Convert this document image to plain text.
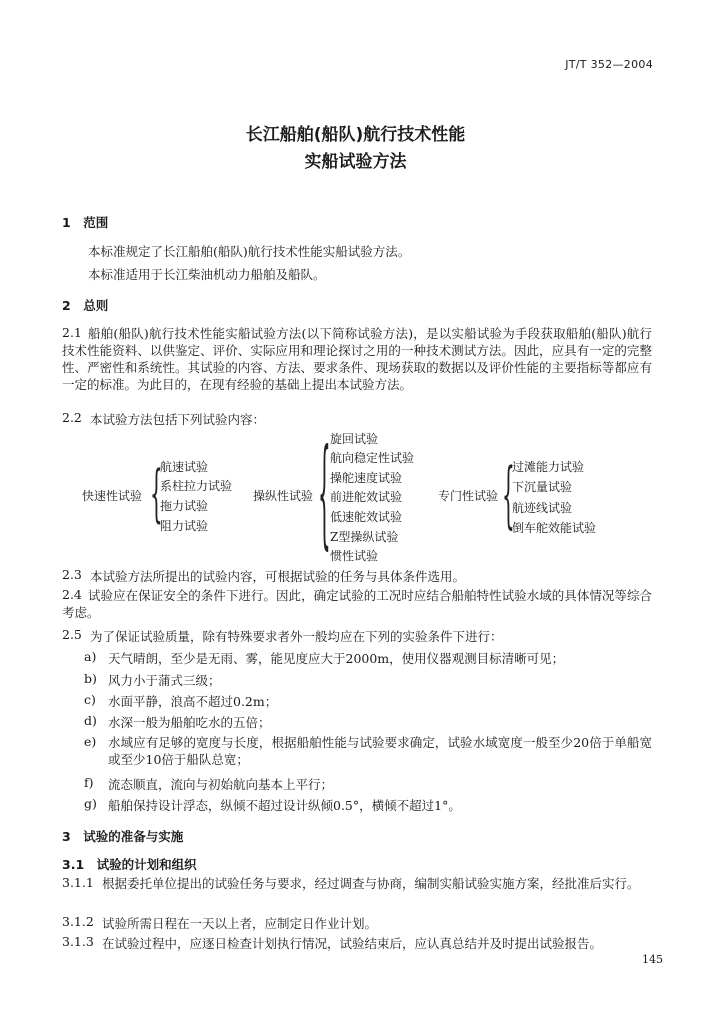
JT/T 352—2004
长江船舶(船队)航行技术性能
实船试验方法
1　范围
本标准规定了长江船舶(船队)航行技术性能实船试验方法。
本标准适用于长江柴油机动力船舶及船队。
2　总则
2.1 船舶(船队)航行技术性能实船试验方法(以下简称试验方法)，是以实船试验为手段获取船舶(船队)航行技术性能资料、以供鉴定、评价、实际应用和理论探讨之用的一种技术测试方法。因此，应具有一定的完整性、严密性和系统性。其试验的内容、方法、要求条件、现场获取的数据以及评价性能的主要指标等都应有一定的标准。为此目的，在现有经验的基础上提出本试验方法。
2.2 本试验方法包括下列试验内容：
快速性试验 {
航速试验
系柱拉力试验
拖力试验
阻力试验
操纵性试验 { 旋回试验
航向稳定性试验
操舵速度试验
前进舵效试验
低速舵效试验
Z型操纵试验
惯性试验
专门性试验 {
过滩能力试验
下沉量试验
航迹线试验
倒车舵效能试验
2.3 本试验方法所提出的试验内容，可根据试验的任务与具体条件选用。
2.4 试验应在保证安全的条件下进行。因此，确定试验的工况时应结合船舶特性试验水域的具体情况等综合考虑。
2.5 为了保证试验质量，除有特殊要求者外一般均应在下列的实验条件下进行：
a) 天气晴朗，至少是无雨、雾，能见度应大于2000m，使用仪器观测目标清晰可见；
b) 风力小于蒲式三级；
c) 水面平静，浪高不超过0.2m；
d) 水深一般为船舶吃水的五倍；
e) 水域应有足够的宽度与长度，根据船舶性能与试验要求确定，试验水域宽度一般至少20倍于单船宽或至少10倍于船队总宽；
f) 流态顺直，流向与初始航向基本上平行；
g) 船舶保持设计浮态，纵倾不超过设计纵倾0.5°，横倾不超过1°。
3　试验的准备与实施
3.1　试验的计划和组织
3.1.1 根据委托单位提出的试验任务与要求，经过调查与协商，编制实船试验实施方案，经批准后实行。
3.1.2 试验所需日程在一天以上者，应制定日作业计划。
3.1.3 在试验过程中，应逐日检查计划执行情况，试验结束后，应认真总结并及时提出试验报告。
145
